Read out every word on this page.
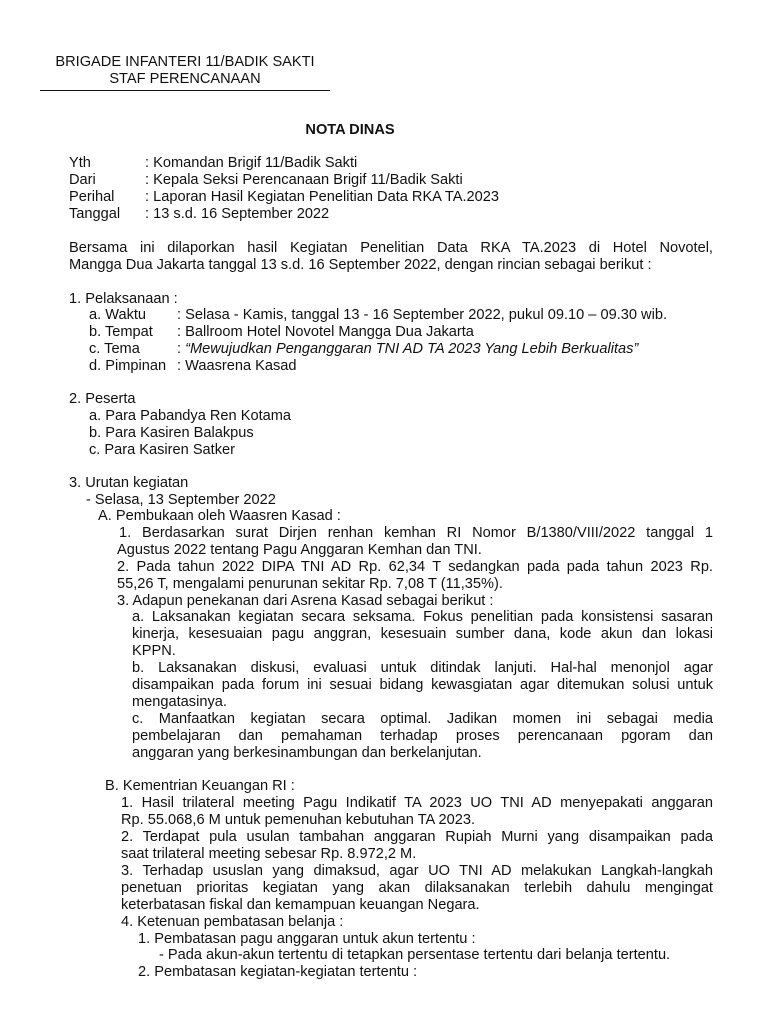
BRIGADE INFANTERI 11/BADIK SAKTI
STAF PERENCANAAN
NOTA DINAS
Yth	: Komandan Brigif 11/Badik Sakti
Dari	: Kepala Seksi Perencanaan Brigif 11/Badik Sakti
Perihal	: Laporan Hasil Kegiatan Penelitian Data RKA TA.2023
Tanggal	: 13 s.d. 16 September 2022
Bersama ini dilaporkan hasil Kegiatan Penelitian Data RKA TA.2023 di Hotel Novotel,
Mangga Dua Jakarta tanggal 13 s.d. 16 September 2022, dengan rincian sebagai berikut :
1. Pelaksanaan :
a. Waktu	: Selasa - Kamis, tanggal 13 - 16 September 2022, pukul 09.10 – 09.30 wib.
b. Tempat : Ballroom Hotel Novotel Mangga Dua Jakarta
c. Tema	: “Mewujudkan Penganggaran TNI AD TA 2023 Yang Lebih Berkualitas”
d. Pimpinan : Waasrena Kasad
2. Peserta
a. Para Pabandya Ren Kotama
b. Para Kasiren Balakpus
c. Para Kasiren Satker
3. Urutan kegiatan
- Selasa, 13 September 2022
A. Pembukaan oleh Waasren Kasad :
1. Berdasarkan surat Dirjen renhan kemhan RI Nomor B/1380/VIII/2022 tanggal 1
Agustus 2022 tentang Pagu Anggaran Kemhan dan TNI.
2. Pada tahun 2022 DIPA TNI AD Rp. 62,34 T sedangkan pada pada tahun 2023 Rp.
55,26 T, mengalami penurunan sekitar Rp. 7,08 T (11,35%).
3. Adapun penekanan dari Asrena Kasad sebagai berikut :
a. Laksanakan kegiatan secara seksama. Fokus penelitian pada konsistensi sasaran
kinerja, kesesuaian pagu anggran, kesesuain sumber dana, kode akun dan lokasi
KPPN.
b. Laksanakan diskusi, evaluasi untuk ditindak lanjuti. Hal-hal menonjol agar
disampaikan pada forum ini sesuai bidang kewasgiatan agar ditemukan solusi untuk
mengatasinya.
c. Manfaatkan kegiatan secara optimal. Jadikan momen ini sebagai media
pembelajaran dan pemahaman terhadap proses perencanaan pgoram dan
anggaran yang berkesinambungan dan berkelanjutan.
B. Kementrian Keuangan RI :
1. Hasil trilateral meeting Pagu Indikatif TA 2023 UO TNI AD menyepakati anggaran
Rp. 55.068,6 M untuk pemenuhan kebutuhan TA 2023.
2. Terdapat pula usulan tambahan anggaran Rupiah Murni yang disampaikan pada
saat trilateral meeting sebesar Rp. 8.972,2 M.
3. Terhadap ususlan yang dimaksud, agar UO TNI AD melakukan Langkah-langkah
penetuan prioritas kegiatan yang akan dilaksanakan terlebih dahulu mengingat
keterbatasan fiskal dan kemampuan keuangan Negara.
4. Ketenuan pembatasan belanja :
1. Pembatasan pagu anggaran untuk akun tertentu :
- Pada akun-akun tertentu di tetapkan persentase tertentu dari belanja tertentu.
2. Pembatasan kegiatan-kegiatan tertentu :
